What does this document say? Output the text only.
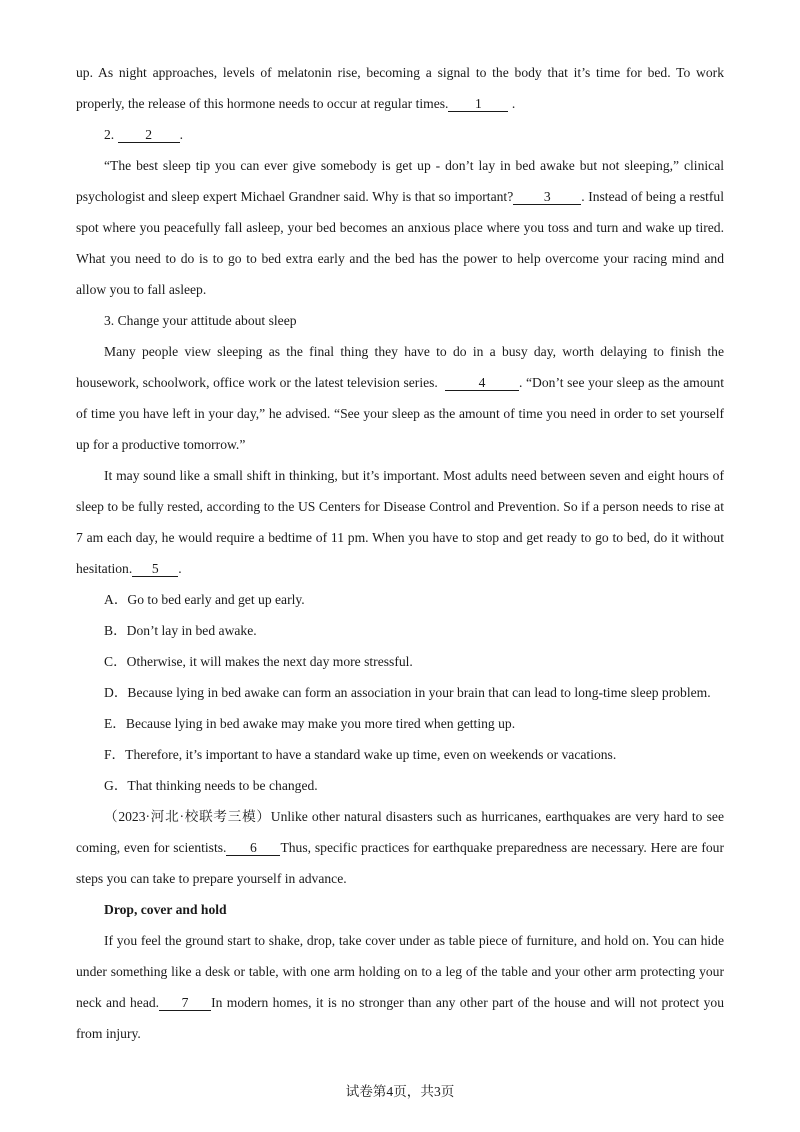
up. As night approaches, levels of melatonin rise, becoming a signal to the body that it’s time for bed. To work properly, the release of this hormone needs to occur at regular times. 1 .

2. 2 .

“The best sleep tip you can ever give somebody is get up - don’t lay in bed awake but not sleeping,” clinical psychologist and sleep expert Michael Grandner said. Why is that so important? 3 . Instead of being a restful spot where you peacefully fall asleep, your bed becomes an anxious place where you toss and turn and wake up tired. What you need to do is to go to bed extra early and the bed has the power to help overcome your racing mind and allow you to fall asleep.

3. Change your attitude about sleep

Many people view sleeping as the final thing they have to do in a busy day, worth delaying to finish the housework, schoolwork, office work or the latest television series.	4 . “Don’t see your sleep as the amount of time you have left in your day,” he advised. “See your sleep as the amount of time you need in order to set yourself up for a productive tomorrow.”

It may sound like a small shift in thinking, but it’s important. Most adults need between seven and eight hours of sleep to be fully rested, according to the US Centers for Disease Control and Prevention. So if a person needs to rise at 7 am each day, he would require a bedtime of 11 pm. When you have to stop and get ready to go to bed, do it without hesitation. 5 .

A．Go to bed early and get up early.

B．Don’t lay in bed awake.

C．Otherwise, it will makes the next day more stressful.

D．Because lying in bed awake can form an association in your brain that can lead to long-time sleep problem.

E．Because lying in bed awake may make you more tired when getting up.

F．Therefore, it’s important to have a standard wake up time, even on weekends or vacations.

G．That thinking needs to be changed.

（2023·河北·校联考三模）Unlike other natural disasters such as hurricanes, earthquakes are very hard to see coming, even for scientists. 6 Thus, specific practices for earthquake preparedness are necessary. Here are four steps you can take to prepare yourself in advance.

Drop, cover and hold

If you feel the ground start to shake, drop, take cover under as table piece of furniture, and hold on. You can hide under something like a desk or table, with one arm holding on to a leg of the table and your other arm protecting your neck and head. 7 In modern homes, it is no stronger than any other part of the house and will not protect you from injury.

试卷第4页，共3页
